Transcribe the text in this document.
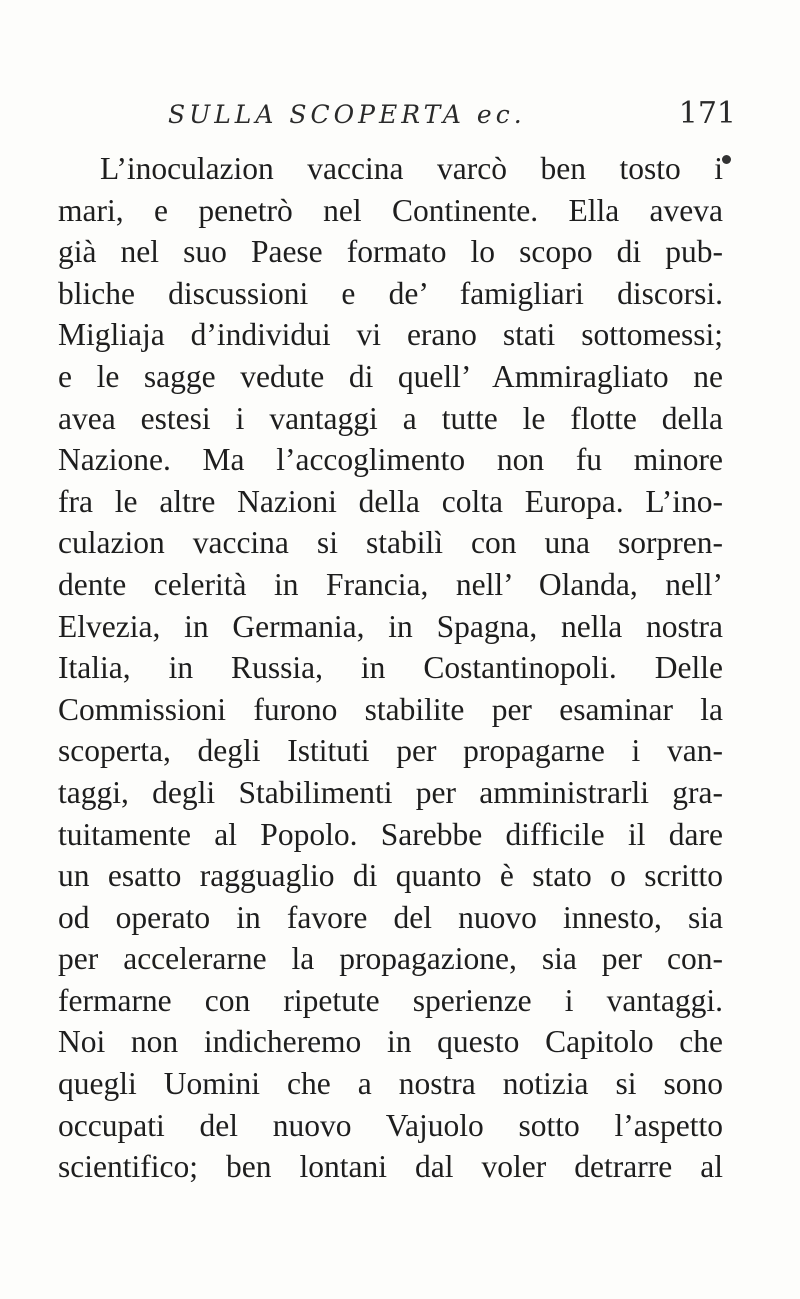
SULLA SCOPERTA ec.	171
L’inoculazion vaccina varcò ben tosto i
mari, e penetrò nel Continente. Ella aveva
già nel suo Paese formato lo scopo di pub-
bliche discussioni e de’ famigliari discorsi.
Migliaja d’individui vi erano stati sottomessi;
e le sagge vedute di quell’ Ammiragliato ne
avea estesi i vantaggi a tutte le flotte della
Nazione. Ma l’accoglimento non fu minore
fra le altre Nazioni della colta Europa. L’ino-
culazion vaccina si stabilì con una sorpren-
dente celerità in Francia, nell’ Olanda, nell’
Elvezia, in Germania, in Spagna, nella nostra
Italia, in Russia, in Costantinopoli. Delle
Commissioni furono stabilite per esaminar la
scoperta, degli Istituti per propagarne i van-
taggi, degli Stabilimenti per amministrarli gra-
tuitamente al Popolo. Sarebbe difficile il dare
un esatto ragguaglio di quanto è stato o scritto
od operato in favore del nuovo innesto, sia
per accelerarne la propagazione, sia per con-
fermarne con ripetute sperienze i vantaggi.
Noi non indicheremo in questo Capitolo che
quegli Uomini che a nostra notizia si sono
occupati del nuovo Vajuolo sotto l’aspetto
scientifico; ben lontani dal voler detrarre al
